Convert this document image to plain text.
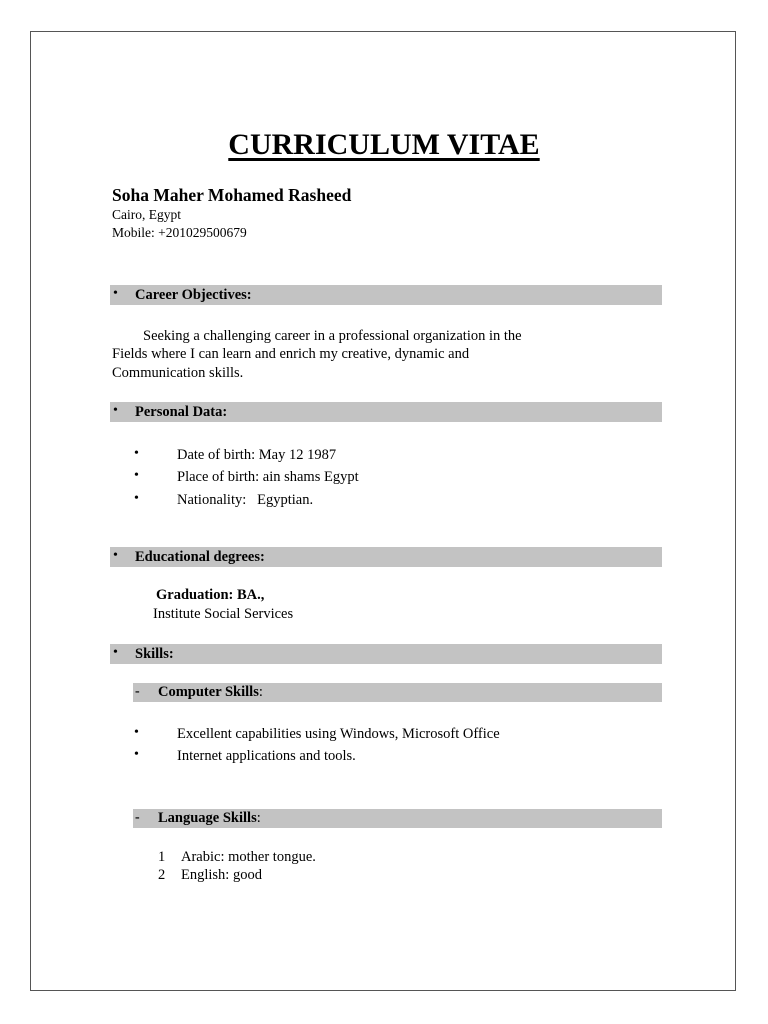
CURRICULUM VITAE
Soha Maher Mohamed Rasheed
Cairo, Egypt
Mobile: +201029500679
• Career Objectives:
Seeking a challenging career in a professional organization in the
Fields where I can learn and enrich my creative, dynamic and
Communication skills.
• Personal Data:
•	Date of birth: May 12 1987
•	Place of birth: ain shams Egypt
•	Nationality:   Egyptian.
• Educational degrees:
Graduation: BA.,
Institute Social Services
• Skills:
- Computer Skills:
•	Excellent capabilities using Windows, Microsoft Office
•	Internet applications and tools.
- Language Skills:
1 Arabic: mother tongue.
2 English: good
